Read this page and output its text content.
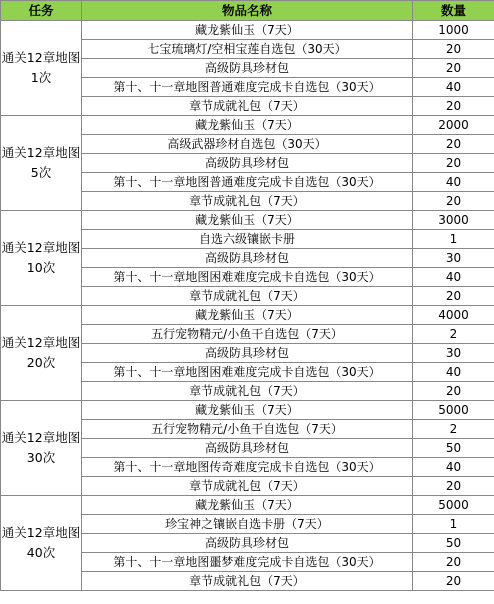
任务	物品名称	数量
通关12章地图1次	藏龙紫仙玉（7天）	1000
	七宝琉璃灯/空相宝莲自选包（30天）	20
	高级防具珍材包	20
	第十、十一章地图普通难度完成卡自选包（30天）	40
	章节成就礼包（7天）	20
通关12章地图5次	藏龙紫仙玉（7天）	2000
	高级武器珍材自选包（30天）	20
	高级防具珍材包	20
	第十、十一章地图普通难度完成卡自选包（30天）	40
	章节成就礼包（7天）	20
通关12章地图10次	藏龙紫仙玉（7天）	3000
	自选六级镶嵌卡册	1
	高级防具珍材包	30
	第十、十一章地图困难难度完成卡自选包（30天）	40
	章节成就礼包（7天）	20
通关12章地图20次	藏龙紫仙玉（7天）	4000
	五行宠物精元/小鱼干自选包（7天）	2
	高级防具珍材包	30
	第十、十一章地图困难难度完成卡自选包（30天）	40
	章节成就礼包（7天）	20
通关12章地图30次	藏龙紫仙玉（7天）	5000
	五行宠物精元/小鱼干自选包（7天）	2
	高级防具珍材包	50
	第十、十一章地图传奇难度完成卡自选包（30天）	40
	章节成就礼包（7天）	20
通关12章地图40次	藏龙紫仙玉（7天）	5000
	珍宝神之镶嵌自选卡册（7天）	1
	高级防具珍材包	50
	第十、十一章地图噩梦难度完成卡自选包（30天）	20
	章节成就礼包（7天）	20
